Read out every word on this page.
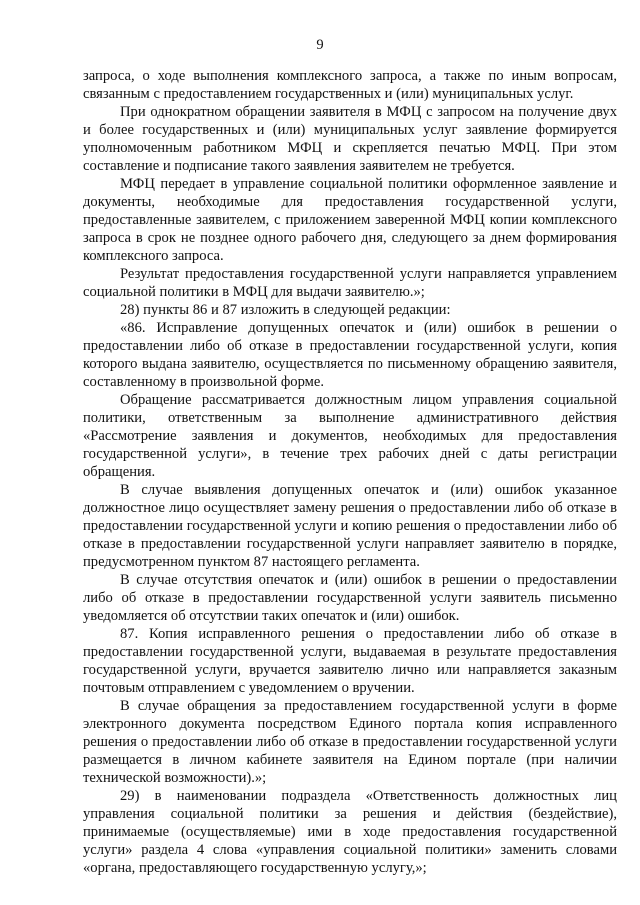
9

запроса, о ходе выполнения комплексного запроса, а также по иным вопросам, связанным с предоставлением государственных и (или) муниципальных услуг.

При однократном обращении заявителя в МФЦ с запросом на получение двух и более государственных и (или) муниципальных услуг заявление формируется уполномоченным работником МФЦ и скрепляется печатью МФЦ. При этом составление и подписание такого заявления заявителем не требуется.

МФЦ передает в управление социальной политики оформленное заявление и документы, необходимые для предоставления государственной услуги, предоставленные заявителем, с приложением заверенной МФЦ копии комплексного запроса в срок не позднее одного рабочего дня, следующего за днем формирования комплексного запроса.

Результат предоставления государственной услуги направляется управлением социальной политики в МФЦ для выдачи заявителю.»;

28) пункты 86 и 87 изложить в следующей редакции:

«86. Исправление допущенных опечаток и (или) ошибок в решении о предоставлении либо об отказе в предоставлении государственной услуги, копия которого выдана заявителю, осуществляется по письменному обращению заявителя, составленному в произвольной форме.

Обращение рассматривается должностным лицом управления социальной политики, ответственным за выполнение административного действия «Рассмотрение заявления и документов, необходимых для предоставления государственной услуги», в течение трех рабочих дней с даты регистрации обращения.

В случае выявления допущенных опечаток и (или) ошибок указанное должностное лицо осуществляет замену решения о предоставлении либо об отказе в предоставлении государственной услуги и копию решения о предоставлении либо об отказе в предоставлении государственной услуги направляет заявителю в порядке, предусмотренном пунктом 87 настоящего регламента.

В случае отсутствия опечаток и (или) ошибок в решении о предоставлении либо об отказе в предоставлении государственной услуги заявитель письменно уведомляется об отсутствии таких опечаток и (или) ошибок.

87. Копия исправленного решения о предоставлении либо об отказе в предоставлении государственной услуги, выдаваемая в результате предоставления государственной услуги, вручается заявителю лично или направляется заказным почтовым отправлением с уведомлением о вручении.

В случае обращения за предоставлением государственной услуги в форме электронного документа посредством Единого портала копия исправленного решения о предоставлении либо об отказе в предоставлении государственной услуги размещается в личном кабинете заявителя на Едином портале (при наличии технической возможности).»;

29) в наименовании подраздела «Ответственность должностных лиц управления социальной политики за решения и действия (бездействие), принимаемые (осуществляемые) ими в ходе предоставления государственной услуги» раздела 4 слова «управления социальной политики» заменить словами «органа, предоставляющего государственную услугу,»;
